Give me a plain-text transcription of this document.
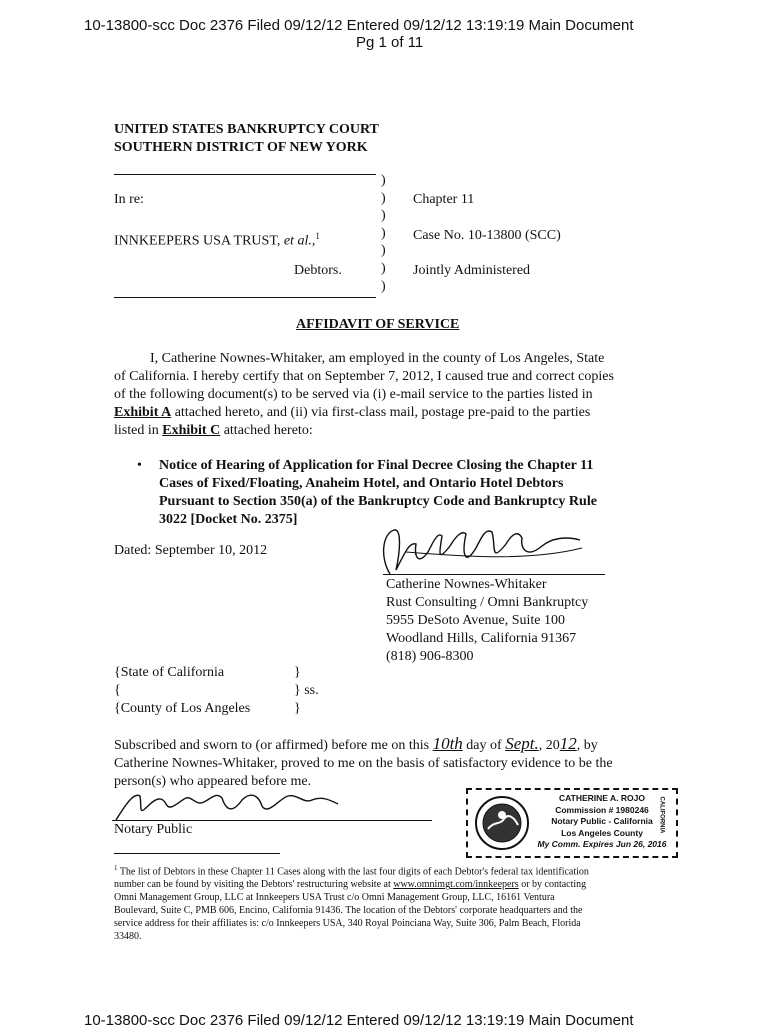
10-13800-scc Doc 2376 Filed 09/12/12 Entered 09/12/12 13:19:19 Main Document
Pg 1 of 11
UNITED STATES BANKRUPTCY COURT
SOUTHERN DISTRICT OF NEW YORK
In re:
INNKEEPERS USA TRUST, et al.,$^1$
Debtors.
)
)
)
)
)
)
)
Chapter 11
Case No. 10-13800 (SCC)
Jointly Administered
AFFIDAVIT OF SERVICE
I, Catherine Nownes-Whitaker, am employed in the county of Los Angeles, State
of California. I hereby certify that on September 7, 2012, I caused true and correct copies
of the following document(s) to be served via (i) e-mail service to the parties listed in
Exhibit A attached hereto, and (ii) via first-class mail, postage pre-paid to the parties
listed in Exhibit C attached hereto:
• Notice of Hearing of Application for Final Decree Closing the Chapter 11
Cases of Fixed/Floating, Anaheim Hotel, and Ontario Hotel Debtors
Pursuant to Section 350(a) of the Bankruptcy Code and Bankruptcy Rule
3022 [Docket No. 2375]
Dated: September 10, 2012
Catherine Nownes-Whitaker
Rust Consulting / Omni Bankruptcy
5955 DeSoto Avenue, Suite 100
Woodland Hills, California 91367
(818) 906-8300
{State of California
{
{County of Los Angeles
}
} ss.
}
Subscribed and sworn to (or affirmed) before me on this 10th day of Sept., 2012, by
Catherine Nownes-Whitaker, proved to me on the basis of satisfactory evidence to be the
person(s) who appeared before me.
Notary Public
CATHERINE A. ROJO
Commission # 1980246
Notary Public - California
Los Angeles County
My Comm. Expires Jun 26, 2016
CALIFORNIA
$^1$ The list of Debtors in these Chapter 11 Cases along with the last four digits of each Debtor's federal tax identification
number can be found by visiting the Debtors' restructuring website at www.omnimgt.com/innkeepers or by contacting
Omni Management Group, LLC at Innkeepers USA Trust c/o Omni Management Group, LLC, 16161 Ventura
Boulevard, Suite C, PMB 606, Encino, California 91436. The location of the Debtors' corporate headquarters and the
service address for their affiliates is: c/o Innkeepers USA, 340 Royal Poinciana Way, Suite 306, Palm Beach, Florida
33480.
10-13800-scc Doc 2376 Filed 09/12/12 Entered 09/12/12 13:19:19 Main Document
